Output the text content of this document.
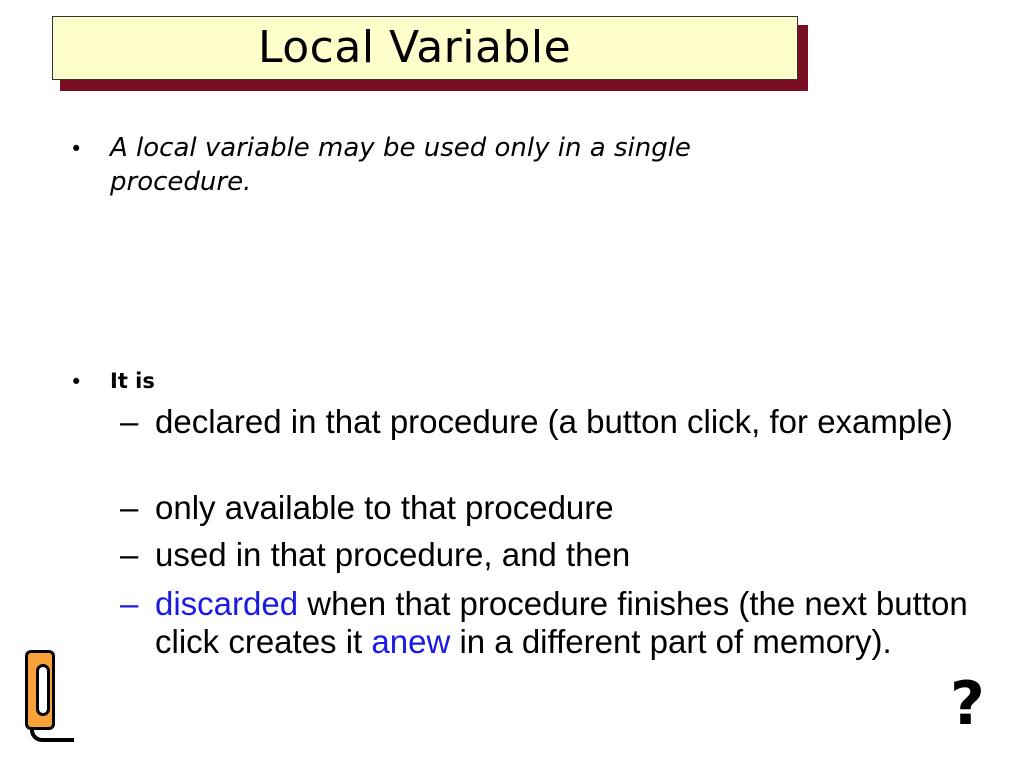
Local Variable
• A local variable may be used only in a single procedure.
• It is
– declared in that procedure (a button click, for example)
– only available to that procedure
– used in that procedure, and then
– discarded when that procedure finishes (the next button click creates it anew in a different part of memory).
?
